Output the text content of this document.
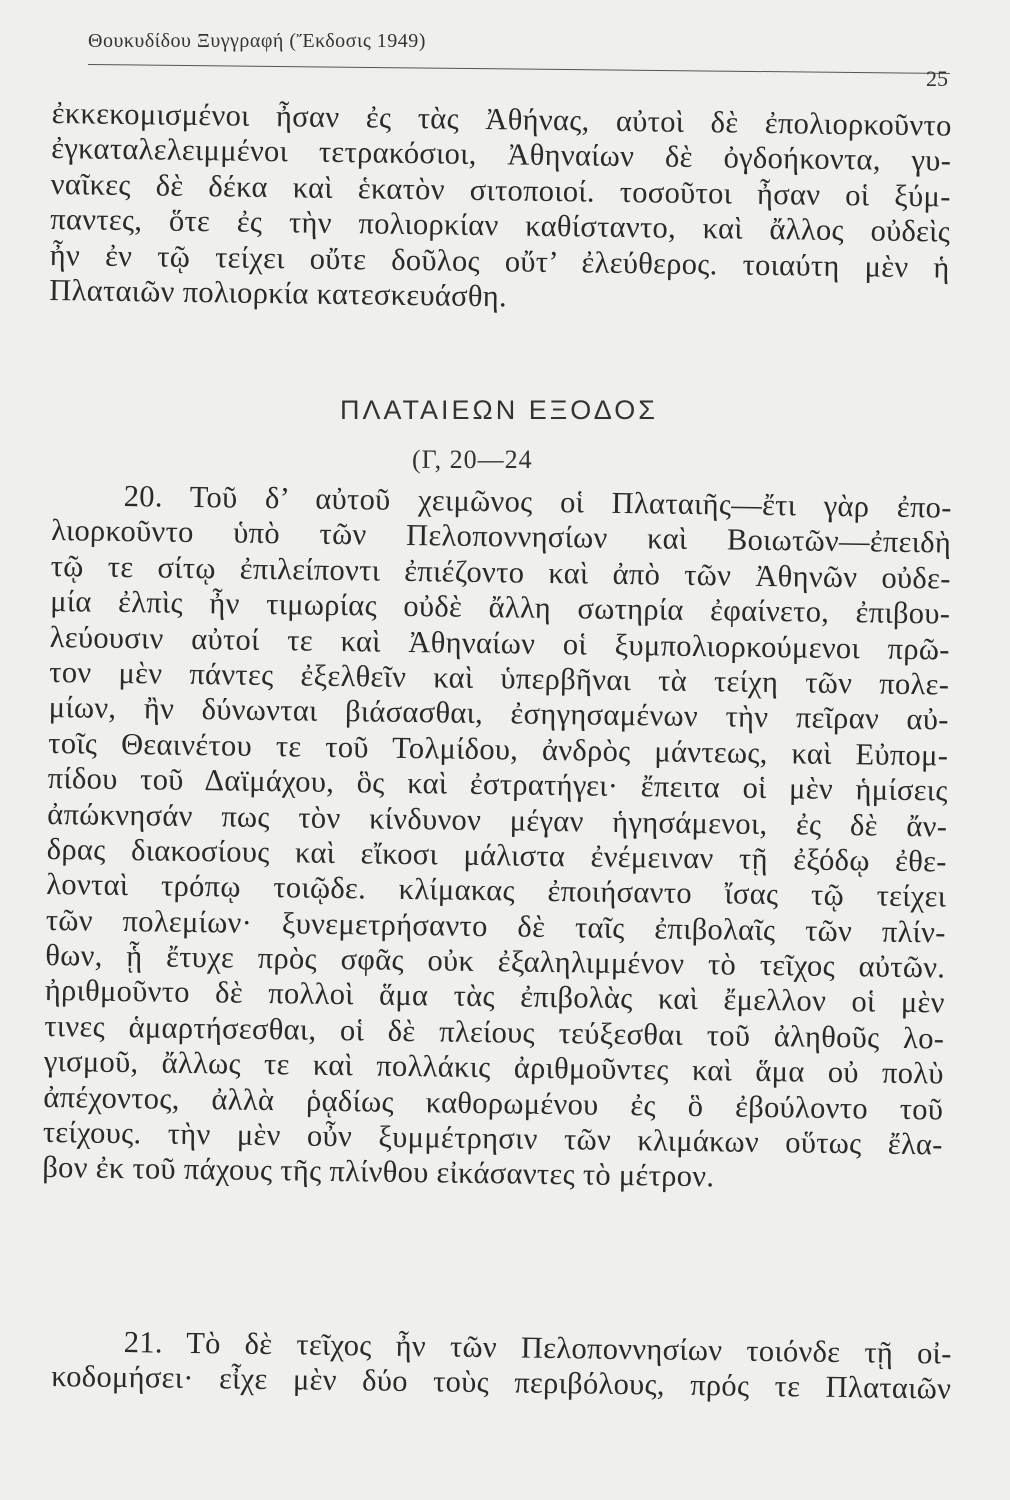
Θουκυδίδου Ξυγγραφή (Ἔκδοσις 1949)
25
ἐκκεκομισμένοι ἦσαν ἐς τὰς Ἀθήνας, αὐτοὶ δὲ ἐπολιορκοῦντο
ἐγκαταλελειμμένοι τετρακόσιοι, Ἀθηναίων δὲ ὀγδοήκοντα, γυ-
ναῖκες δὲ δέκα καὶ ἑκατὸν σιτοποιοί. τοσοῦτοι ἦσαν οἱ ξύμ-
παντες, ὅτε ἐς τὴν πολιορκίαν καθίσταντο, καὶ ἄλλος οὐδεὶς
ἦν ἐν τῷ τείχει οὔτε δοῦλος οὔτ’ ἐλεύθερος. τοιαύτη μὲν ἡ
Πλαταιῶν πολιορκία κατεσκευάσθη.
ΠΛΑΤΑΙΕΩΝ ΕΞΟΔΟΣ
(Γ, 20—24
20. Τοῦ δ’ αὐτοῦ χειμῶνος οἱ Πλαταιῆς—ἔτι γὰρ ἐπο-
λιορκοῦντο ὑπὸ τῶν Πελοποννησίων καὶ Βοιωτῶν—ἐπειδὴ
τῷ τε σίτῳ ἐπιλείποντι ἐπιέζοντο καὶ ἀπὸ τῶν Ἀθηνῶν οὐδε-
μία ἐλπὶς ἦν τιμωρίας οὐδὲ ἄλλη σωτηρία ἐφαίνετο, ἐπιβου-
λεύουσιν αὐτοί τε καὶ Ἀθηναίων οἱ ξυμπολιορκούμενοι πρῶ-
τον μὲν πάντες ἐξελθεῖν καὶ ὑπερβῆναι τὰ τείχη τῶν πολε-
μίων, ἢν δύνωνται βιάσασθαι, ἐσηγησαμένων τὴν πεῖραν αὐ-
τοῖς Θεαινέτου τε τοῦ Τολμίδου, ἀνδρὸς μάντεως, καὶ Εὐπομ-
πίδου τοῦ Δαϊμάχου, ὃς καὶ ἐστρατήγει· ἔπειτα οἱ μὲν ἡμίσεις
ἀπώκνησάν πως τὸν κίνδυνον μέγαν ἡγησάμενοι, ἐς δὲ ἄν-
δρας διακοσίους καὶ εἴκοσι μάλιστα ἐνέμειναν τῇ ἐξόδῳ ἐθε-
λονταὶ τρόπῳ τοιῷδε. κλίμακας ἐποιήσαντο ἴσας τῷ τείχει
τῶν πολεμίων· ξυνεμετρήσαντο δὲ ταῖς ἐπιβολαῖς τῶν πλίν-
θων, ᾗ ἔτυχε πρὸς σφᾶς οὐκ ἐξαληλιμμένον τὸ τεῖχος αὐτῶν.
ἠριθμοῦντο δὲ πολλοὶ ἅμα τὰς ἐπιβολὰς καὶ ἔμελλον οἱ μὲν
τινες ἁμαρτήσεσθαι, οἱ δὲ πλείους τεύξεσθαι τοῦ ἀληθοῦς λο-
γισμοῦ, ἄλλως τε καὶ πολλάκις ἀριθμοῦντες καὶ ἅμα οὐ πολὺ
ἀπέχοντος, ἀλλὰ ῥᾳδίως καθορωμένου ἐς ὃ ἐβούλοντο τοῦ
τείχους. τὴν μὲν οὖν ξυμμέτρησιν τῶν κλιμάκων οὕτως ἔλα-
βον ἐκ τοῦ πάχους τῆς πλίνθου εἰκάσαντες τὸ μέτρον.
21. Τὸ δὲ τεῖχος ἦν τῶν Πελοποννησίων τοιόνδε τῇ οἰ-
κοδομήσει· εἶχε μὲν δύο τοὺς περιβόλους, πρός τε Πλαταιῶν
